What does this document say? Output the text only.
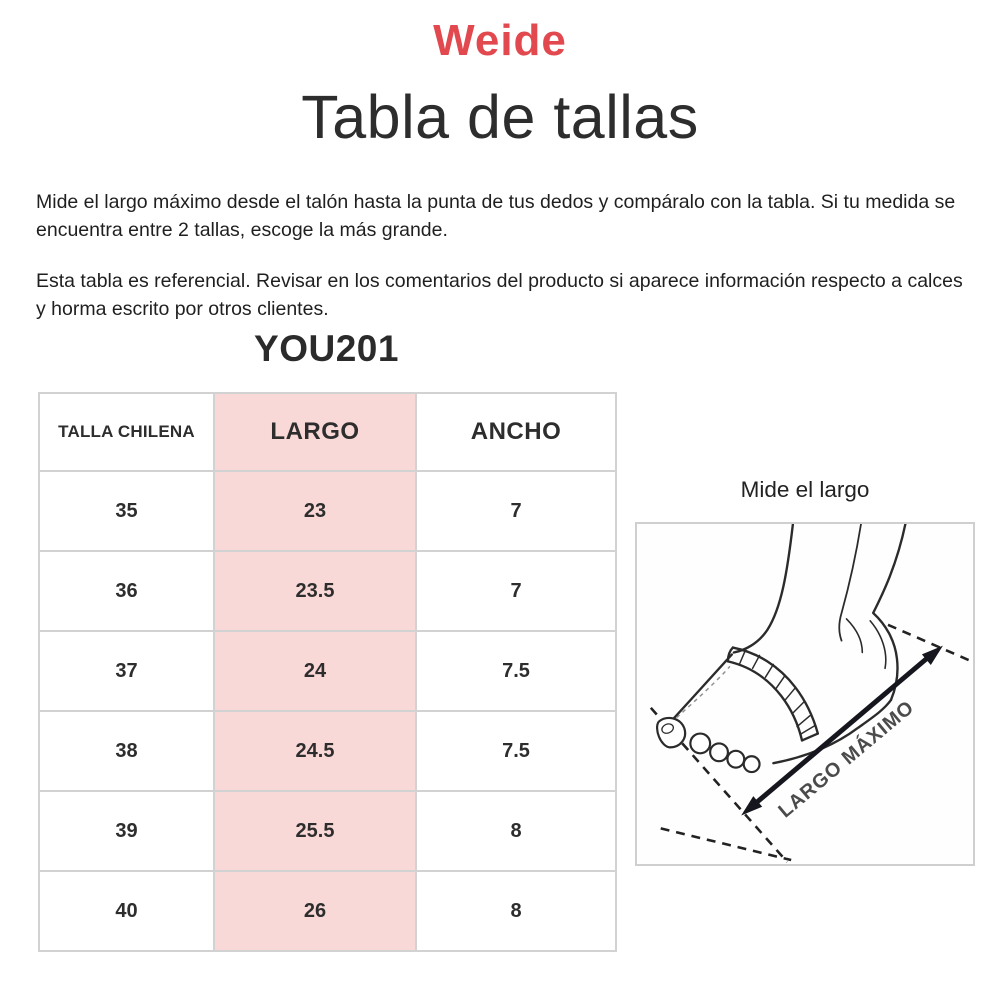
Weide
Tabla de tallas

Mide el largo máximo desde el talón hasta la punta de tus dedos y compáralo con la tabla. Si tu medida se encuentra entre 2 tallas, escoge la más grande.

Esta tabla es referencial. Revisar en los comentarios del producto si aparece información respecto a calces y horma escrito por otros clientes.

YOU201
TALLA CHILENA	LARGO	ANCHO
35	23	7
36	23.5	7
37	24	7.5
38	24.5	7.5
39	25.5	8
40	26	8
Mide el largo
LARGO MÁXIMO
